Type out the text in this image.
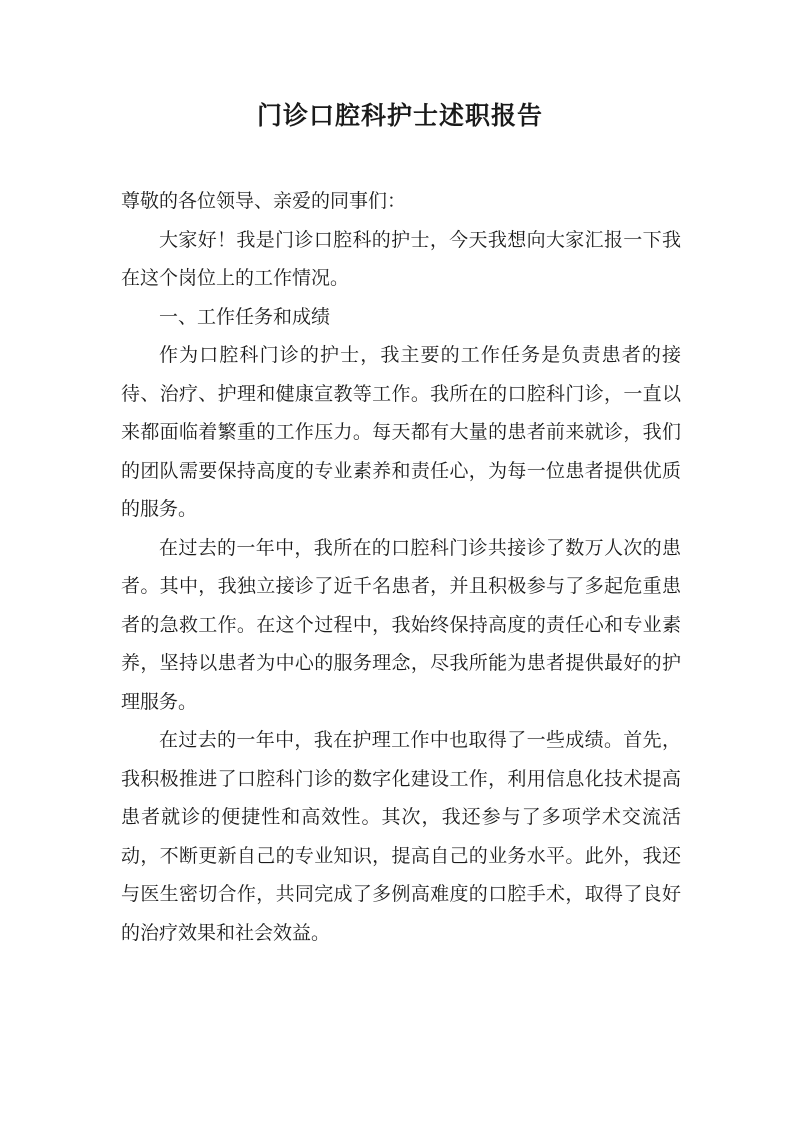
门诊口腔科护士述职报告

尊敬的各位领导、亲爱的同事们：

大家好！我是门诊口腔科的护士，今天我想向大家汇报一下我在这个岗位上的工作情况。

一、工作任务和成绩

作为口腔科门诊的护士，我主要的工作任务是负责患者的接待、治疗、护理和健康宣教等工作。我所在的口腔科门诊，一直以来都面临着繁重的工作压力。每天都有大量的患者前来就诊，我们的团队需要保持高度的专业素养和责任心，为每一位患者提供优质的服务。

在过去的一年中，我所在的口腔科门诊共接诊了数万人次的患者。其中，我独立接诊了近千名患者，并且积极参与了多起危重患者的急救工作。在这个过程中，我始终保持高度的责任心和专业素养，坚持以患者为中心的服务理念，尽我所能为患者提供最好的护理服务。

在过去的一年中，我在护理工作中也取得了一些成绩。首先，我积极推进了口腔科门诊的数字化建设工作，利用信息化技术提高患者就诊的便捷性和高效性。其次，我还参与了多项学术交流活动，不断更新自己的专业知识，提高自己的业务水平。此外，我还与医生密切合作，共同完成了多例高难度的口腔手术，取得了良好的治疗效果和社会效益。
